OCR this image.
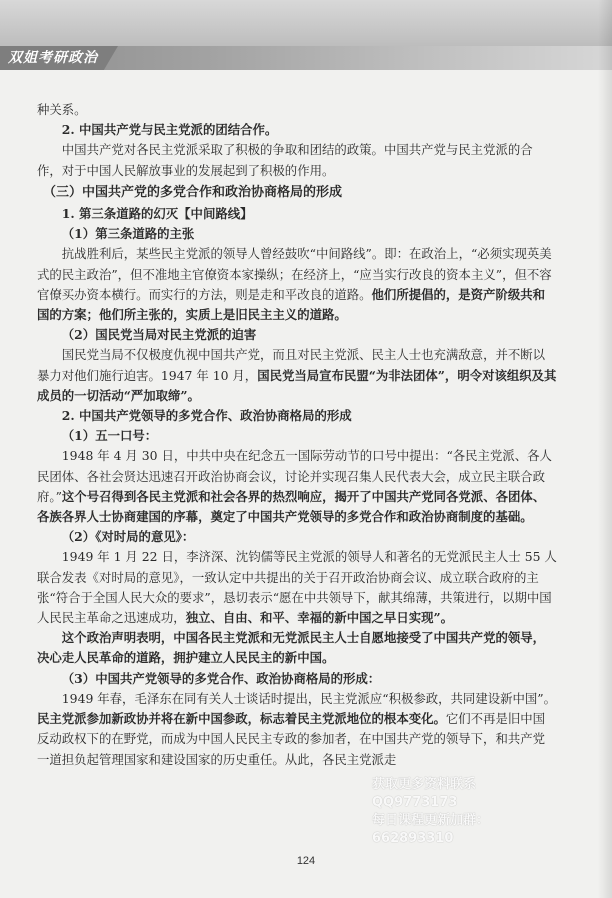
双姐考研政治

种关系。

2. 中国共产党与民主党派的团结合作。

中国共产党对各民主党派采取了积极的争取和团结的政策。中国共产党与民主党派的合作，对于中国人民解放事业的发展起到了积极的作用。

（三）中国共产党的多党合作和政治协商格局的形成

1. 第三条道路的幻灭【中间路线】

（1）第三条道路的主张

抗战胜利后，某些民主党派的领导人曾经鼓吹“中间路线”。即：在政治上，“必须实现英美式的民主政治”，但不准地主官僚资本家操纵；在经济上，“应当实行改良的资本主义”，但不容官僚买办资本横行。而实行的方法，则是走和平改良的道路。他们所提倡的，是资产阶级共和国的方案；他们所主张的，实质上是旧民主主义的道路。

（2）国民党当局对民主党派的迫害

国民党当局不仅极度仇视中国共产党，而且对民主党派、民主人士也充满敌意，并不断以暴力对他们施行迫害。1947 年 10 月，国民党当局宣布民盟“为非法团体”，明令对该组织及其成员的一切活动“严加取缔”。

2. 中国共产党领导的多党合作、政治协商格局的形成

（1）五一口号：

1948 年 4 月 30 日，中共中央在纪念五一国际劳动节的口号中提出：“各民主党派、各人民团体、各社会贤达迅速召开政治协商会议，讨论并实现召集人民代表大会，成立民主联合政府。”这个号召得到各民主党派和社会各界的热烈响应，揭开了中国共产党同各党派、各团体、各族各界人士协商建国的序幕，奠定了中国共产党领导的多党合作和政治协商制度的基础。

（2）《对时局的意见》：

1949 年 1 月 22 日，李济深、沈钧儒等民主党派的领导人和著名的无党派民主人士 55 人联合发表《对时局的意见》，一致认定中共提出的关于召开政治协商会议、成立联合政府的主张“符合于全国人民大众的要求”，恳切表示“愿在中共领导下，献其绵薄，共策进行，以期中国人民民主革命之迅速成功，独立、自由、和平、幸福的新中国之早日实现”。

这个政治声明表明，中国各民主党派和无党派民主人士自愿地接受了中国共产党的领导，决心走人民革命的道路，拥护建立人民民主的新中国。

（3）中国共产党领导的多党合作、政治协商格局的形成：

1949 年春，毛泽东在同有关人士谈话时提出，民主党派应“积极参政，共同建设新中国”。民主党派参加新政协并将在新中国参政，标志着民主党派地位的根本变化。它们不再是旧中国反动政权下的在野党，而成为中国人民民主专政的参加者，在中国共产党的领导下，和共产党一道担负起管理国家和建设国家的历史重任。从此，各民主党派走

获取更多资料联系QQ9773173
每日课程更新加群：662893310
124
